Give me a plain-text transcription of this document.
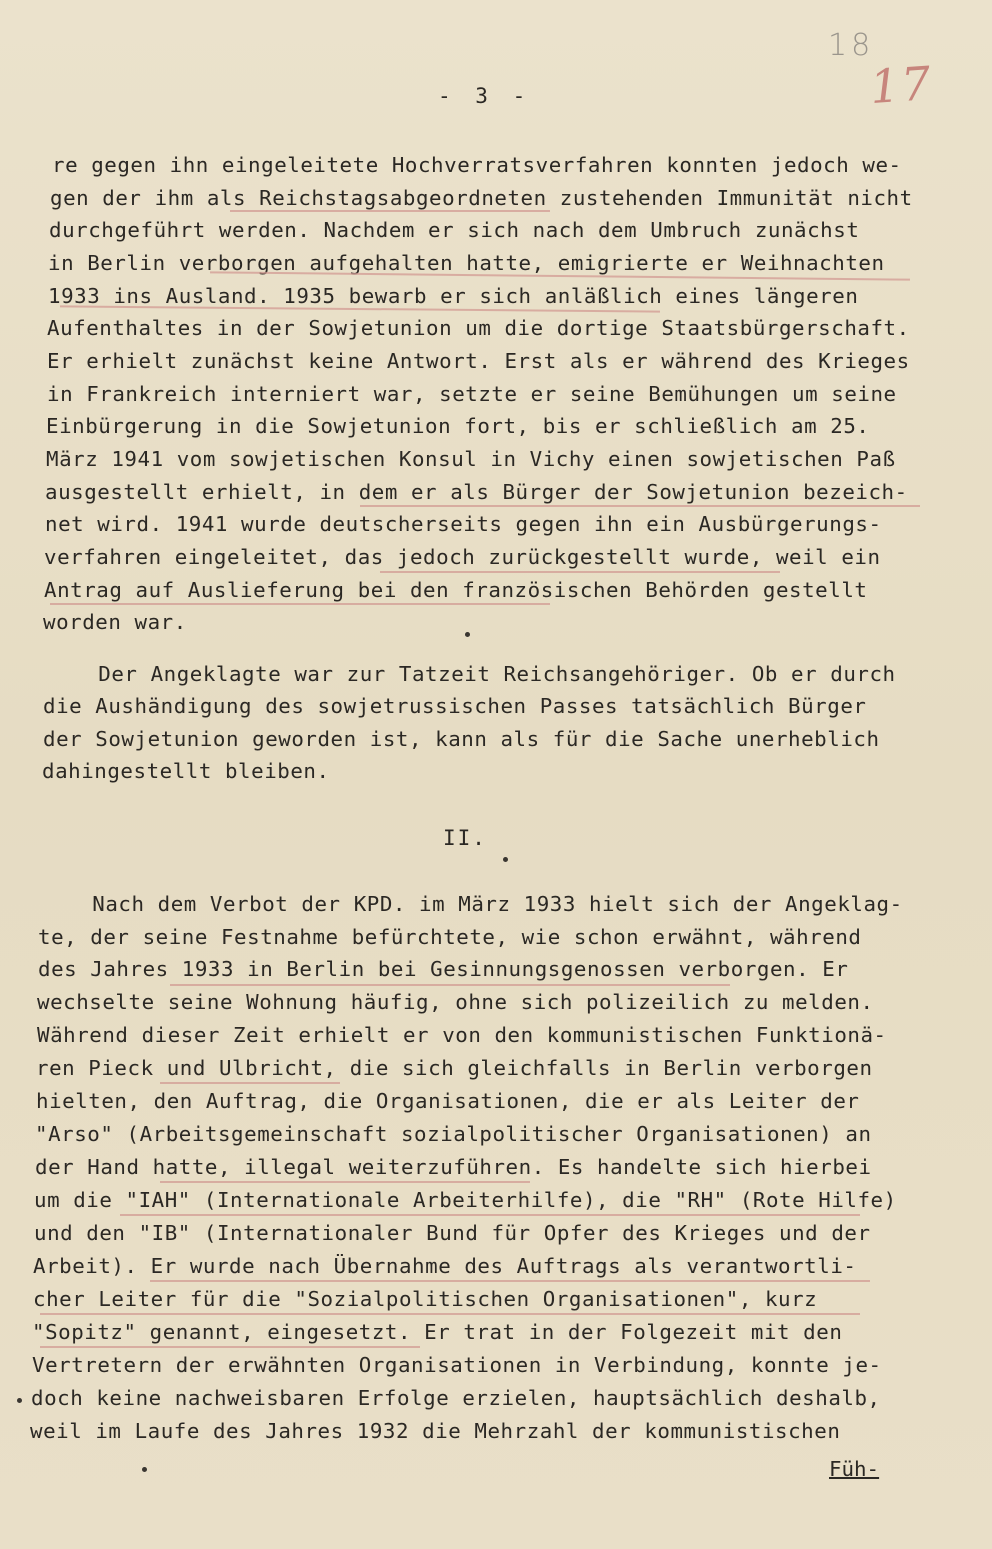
18
17
- 3 -
re gegen ihn eingeleitete Hochverratsverfahren konnten jedoch we-
gen der ihm als Reichstagsabgeordneten zustehenden Immunität nicht
durchgeführt werden. Nachdem er sich nach dem Umbruch zunächst
in Berlin verborgen aufgehalten hatte, emigrierte er Weihnachten
1933 ins Ausland. 1935 bewarb er sich anläßlich eines längeren
Aufenthaltes in der Sowjetunion um die dortige Staatsbürgerschaft.
Er erhielt zunächst keine Antwort. Erst als er während des Krieges
in Frankreich interniert war, setzte er seine Bemühungen um seine
Einbürgerung in die Sowjetunion fort, bis er schließlich am 25.
März 1941 vom sowjetischen Konsul in Vichy einen sowjetischen Paß
ausgestellt erhielt, in dem er als Bürger der Sowjetunion bezeich-
net wird. 1941 wurde deutscherseits gegen ihn ein Ausbürgerungs-
verfahren eingeleitet, das jedoch zurückgestellt wurde, weil ein
Antrag auf Auslieferung bei den französischen Behörden gestellt
worden war.
Der Angeklagte war zur Tatzeit Reichsangehöriger. Ob er durch
die Aushändigung des sowjetrussischen Passes tatsächlich Bürger
der Sowjetunion geworden ist, kann als für die Sache unerheblich
dahingestellt bleiben.
II.
Nach dem Verbot der KPD. im März 1933 hielt sich der Angeklag-
te, der seine Festnahme befürchtete, wie schon erwähnt, während
des Jahres 1933 in Berlin bei Gesinnungsgenossen verborgen. Er
wechselte seine Wohnung häufig, ohne sich polizeilich zu melden.
Während dieser Zeit erhielt er von den kommunistischen Funktionä-
ren Pieck und Ulbricht, die sich gleichfalls in Berlin verborgen
hielten, den Auftrag, die Organisationen, die er als Leiter der
"Arso" (Arbeitsgemeinschaft sozialpolitischer Organisationen) an
der Hand hatte, illegal weiterzuführen. Es handelte sich hierbei
um die "IAH" (Internationale Arbeiterhilfe), die "RH" (Rote Hilfe)
und den "IB" (Internationaler Bund für Opfer des Krieges und der
Arbeit). Er wurde nach Übernahme des Auftrags als verantwortli-
cher Leiter für die "Sozialpolitischen Organisationen", kurz
"Sopitz" genannt, eingesetzt. Er trat in der Folgezeit mit den
Vertretern der erwähnten Organisationen in Verbindung, konnte je-
doch keine nachweisbaren Erfolge erzielen, hauptsächlich deshalb,
weil im Laufe des Jahres 1932 die Mehrzahl der kommunistischen
Füh-
